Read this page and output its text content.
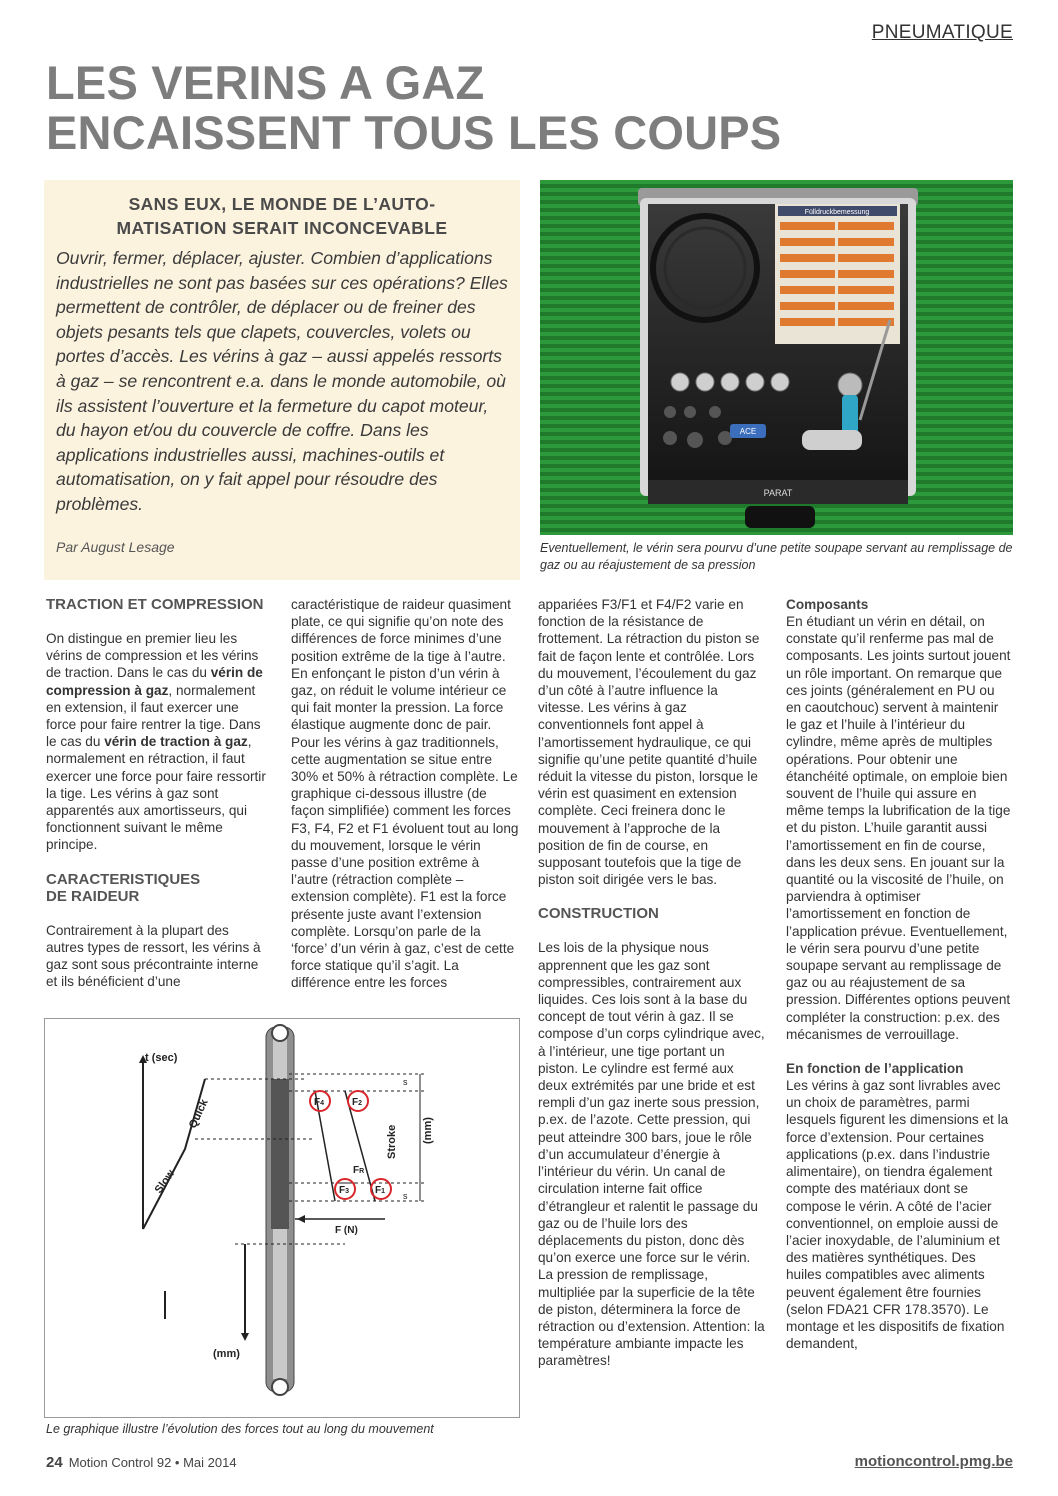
PNEUMATIQUE
LES VERINS A GAZ
ENCAISSENT TOUS LES COUPS
SANS EUX, LE MONDE DE L’AUTO-
MATISATION SERAIT INCONCEVABLE
Ouvrir, fermer, déplacer, ajuster. Combien d’applications industrielles ne sont pas basées sur ces opérations? Elles permettent de contrôler, de déplacer ou de freiner des objets pesants tels que clapets, couvercles, volets ou portes d’accès. Les vérins à gaz – aussi appelés ressorts à gaz – se rencontrent e.a. dans le monde automobile, où ils assistent l’ouverture et la fermeture du capot moteur, du hayon et/ou du couvercle de coffre. Dans les applications industrielles aussi, machines-outils et automatisation, on y fait appel pour résoudre des problèmes.
Par August Lesage
Fülldruckbemessung
ACE
PARAT
Eventuellement, le vérin sera pourvu d’une petite soupape servant au remplissage de gaz ou au réajustement de sa pression
TRACTION ET COMPRESSION

On distingue en premier lieu les vérins de compression et les vérins de traction. Dans le cas du vérin de compression à gaz, normalement en extension, il faut exercer une force pour faire rentrer la tige. Dans le cas du vérin de traction à gaz, normalement en rétraction, il faut exercer une force pour faire ressortir la tige. Les vérins à gaz sont apparentés aux amortisseurs, qui fonctionnent suivant le même principe.

CARACTERISTIQUES
DE RAIDEUR

Contrairement à la plupart des autres types de ressort, les vérins à gaz sont sous précontrainte interne et ils bénéficient d’une

caractéristique de raideur quasiment plate, ce qui signifie qu’on note des différences de force minimes d’une position extrême de la tige à l’autre. En enfonçant le piston d’un vérin à gaz, on réduit le volume intérieur ce qui fait monter la pression. La force élastique augmente donc de pair. Pour les vérins à gaz traditionnels, cette augmentation se situe entre 30% et 50% à rétraction complète. Le graphique ci-dessous illustre (de façon simplifiée) comment les forces F3, F4, F2 et F1 évoluent tout au long du mouvement, lorsque le vérin passe d’une position extrême à l’autre (rétraction complète – extension complète). F1 est la force présente juste avant l’extension complète. Lorsqu’on parle de la ‘force’ d’un vérin à gaz, c’est de cette force statique qu’il s’agit. La différence entre les forces

appariées F3/F1 et F4/F2 varie en fonction de la résistance de frottement. La rétraction du piston se fait de façon lente et contrôlée. Lors du mouvement, l’écoulement du gaz d’un côté à l’autre influence la vitesse. Les vérins à gaz conventionnels font appel à l’amortissement hydraulique, ce qui signifie qu’une petite quantité d’huile réduit la vitesse du piston, lorsque le vérin est quasiment en extension complète. Ceci freinera donc le mouvement à l’approche de la position de fin de course, en supposant toutefois que la tige de piston soit dirigée vers le bas.

CONSTRUCTION

Les lois de la physique nous apprennent que les gaz sont compressibles, contrairement aux liquides. Ces lois sont à la base du concept de tout vérin à gaz. Il se compose d’un corps cylindrique avec, à l’intérieur, une tige portant un piston. Le cylindre est fermé aux deux extrémités par une bride et est rempli d’un gaz inerte sous pression, p.ex. de l’azote. Cette pression, qui peut atteindre 300 bars, joue le rôle d’un accumulateur d’énergie à l’intérieur du vérin. Un canal de circulation interne fait office d’étrangleur et ralentit le passage du gaz ou de l’huile lors des déplacements du piston, donc dès qu’on exerce une force sur le vérin. La pression de remplissage, multipliée par la superficie de la tête de piston, déterminera la force de rétraction ou d’extension. Attention: la température ambiante impacte les paramètres!

Composants

En étudiant un vérin en détail, on constate qu’il renferme pas mal de composants. Les joints surtout jouent un rôle important. On remarque que ces joints (généralement en PU ou en caoutchouc) servent à maintenir le gaz et l’huile à l’intérieur du cylindre, même après de multiples opérations. Pour obtenir une étanchéité optimale, on emploie bien souvent de l’huile qui assure en même temps la lubrification de la tige et du piston. L’huile garantit aussi l’amortissement en fin de course, dans les deux sens. En jouant sur la quantité ou la viscosité de l’huile, on parviendra à optimiser l’amortissement en fonction de l’application prévue. Eventuellement, le vérin sera pourvu d’une petite soupape servant au remplissage de gaz ou au réajustement de sa pression. Différentes options peuvent compléter la construction: p.ex. des mécanismes de verrouillage.

En fonction de l’application

Les vérins à gaz sont livrables avec un choix de paramètres, parmi lesquels figurent les dimensions et la force d’extension. Pour certaines applications (p.ex. dans l’industrie alimentaire), on tiendra également compte des matériaux dont se compose le vérin. A côté de l’acier conventionnel, on emploie aussi de l’acier inoxydable, de l’aluminium et des matières synthétiques. Des huiles compatibles avec aliments peuvent également être fournies (selon FDA21 CFR 178.3570). Le montage et les dispositifs de fixation demandent,

t (sec)
Quick
Slow
(mm)
F (N)
F4	F2
F3	F1
FR
s
s
Stroke (mm)
Le graphique illustre l’évolution des forces tout au long du mouvement
24 Motion Control 92 • Mai 2014	motioncontrol.pmg.be
